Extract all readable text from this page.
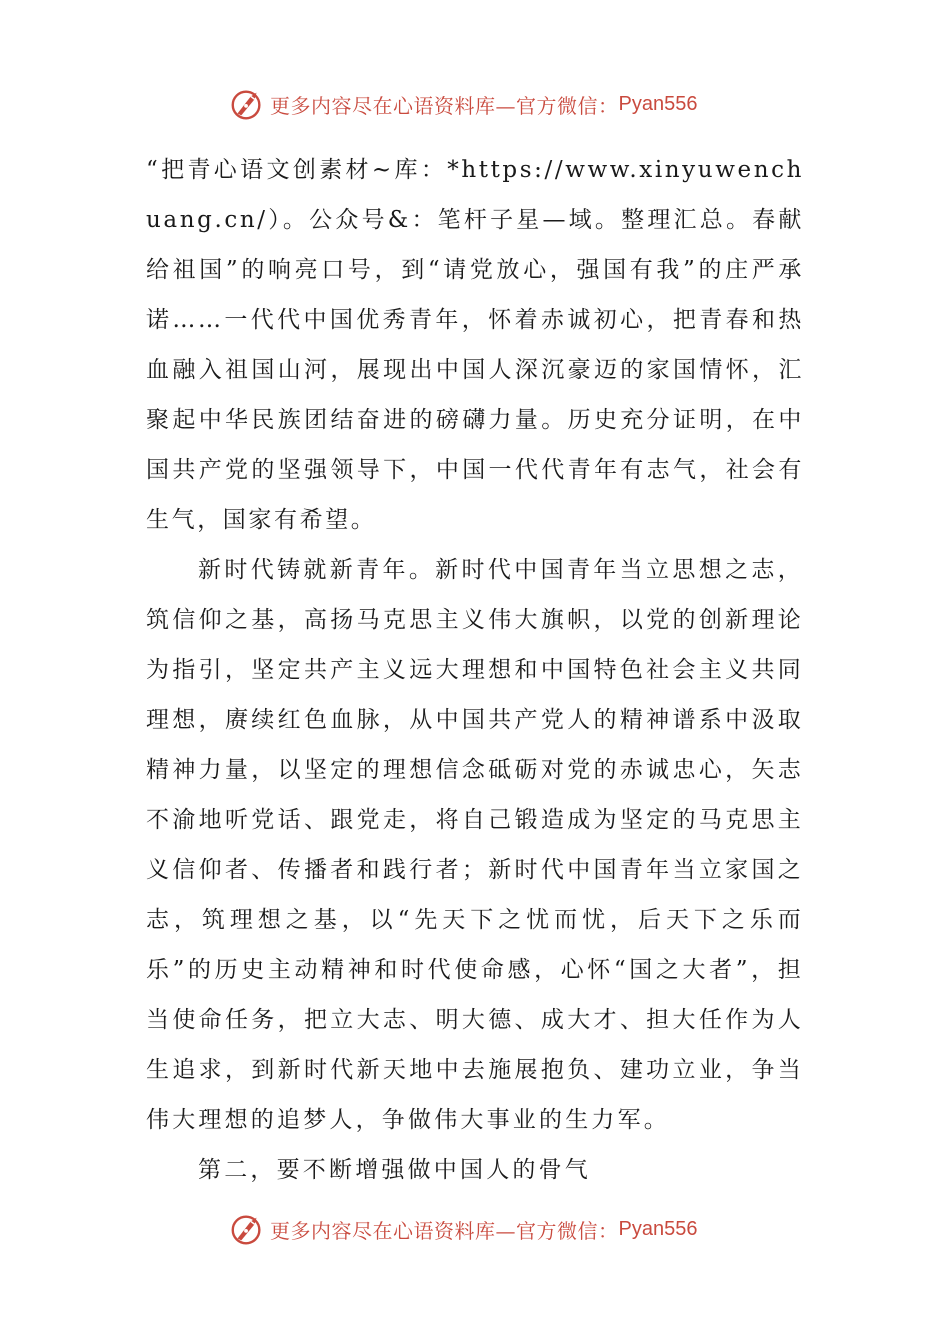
更多内容尽在心语资料库—官方微信： Pyan556

“把青心语文创素材~库：*https://www.xinyuwenchuang.cn/）。公众号&：笔杆子星—域。整理汇总。春献给祖国”的响亮口号，到“请党放心，强国有我”的庄严承诺……一代代中国优秀青年，怀着赤诚初心，把青春和热血融入祖国山河，展现出中国人深沉豪迈的家国情怀，汇聚起中华民族团结奋进的磅礴力量。历史充分证明，在中国共产党的坚强领导下，中国一代代青年有志气，社会有生气，国家有希望。

新时代铸就新青年。新时代中国青年当立思想之志，筑信仰之基，高扬马克思主义伟大旗帜，以党的创新理论为指引，坚定共产主义远大理想和中国特色社会主义共同理想，赓续红色血脉，从中国共产党人的精神谱系中汲取精神力量，以坚定的理想信念砥砺对党的赤诚忠心，矢志不渝地听党话、跟党走，将自己锻造成为坚定的马克思主义信仰者、传播者和践行者；新时代中国青年当立家国之志，筑理想之基，以“先天下之忧而忧，后天下之乐而乐”的历史主动精神和时代使命感，心怀“国之大者”，担当使命任务，把立大志、明大德、成大才、担大任作为人生追求，到新时代新天地中去施展抱负、建功立业，争当伟大理想的追梦人，争做伟大事业的生力军。

第二，要不断增强做中国人的骨气

更多内容尽在心语资料库—官方微信： Pyan556
